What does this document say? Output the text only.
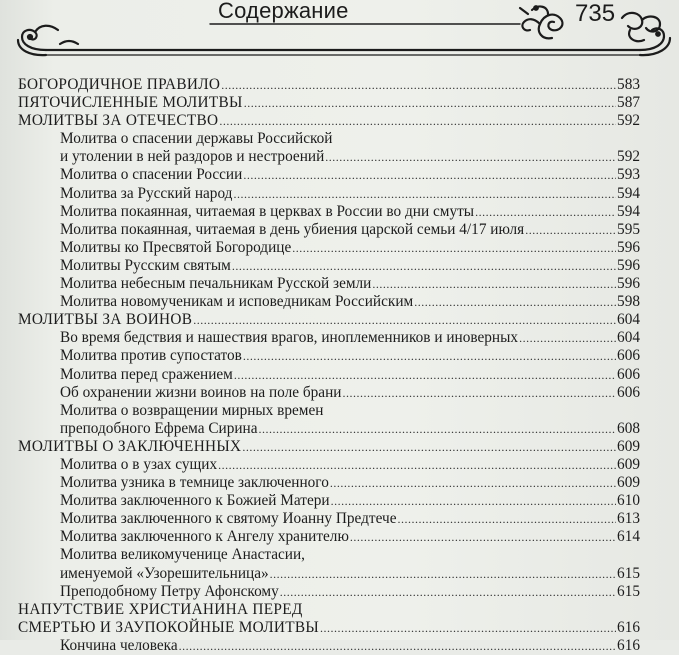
Содержание	735

БОГОРОДИЧНОЕ ПРАВИЛО .....	583
ПЯТОЧИСЛЕННЫЕ МОЛИТВЫ .....	587
МОЛИТВЫ ЗА ОТЕЧЕСТВО .....	592
Молитва о спасении державы Российской
и утолении в ней раздоров и нестроений .....	592
Молитва о спасении России .....	593
Молитва за Русский народ .....	594
Молитва покаянная, читаемая в церквах в России во дни смуты .....	594
Молитва покаянная, читаемая в день убиения царской семьи 4/17 июля .....	595
Молитвы ко Пресвятой Богородице .....	596
Молитвы Русским святым .....	596
Молитва небесным печальникам Русской земли .....	596
Молитва новомученикам и исповедникам Российским .....	598
МОЛИТВЫ ЗА ВОИНОВ .....	604
Во время бедствия и нашествия врагов, иноплеменников и иноверных .....	604
Молитва против супостатов .....	606
Молитва перед сражением .....	606
Об охранении жизни воинов на поле брани .....	606
Молитва о возвращении мирных времен
преподобного Ефрема Сирина .....	608
МОЛИТВЫ О ЗАКЛЮЧЕННЫХ .....	609
Молитва о в узах сущих .....	609
Молитва узника в темнице заключенного .....	609
Молитва заключенного к Божией Матери .....	610
Молитва заключенного к святому Иоанну Предтече .....	613
Молитва заключенного к Ангелу хранителю .....	614
Молитва великомученице Анастасии,
именуемой «Узорешительница» .....	615
Преподобному Петру Афонскому .....	615
НАПУТСТВИЕ ХРИСТИАНИНА ПЕРЕД
СМЕРТЬЮ И ЗАУПОКОЙНЫЕ МОЛИТВЫ .....	616
Кончина человека .....	616
